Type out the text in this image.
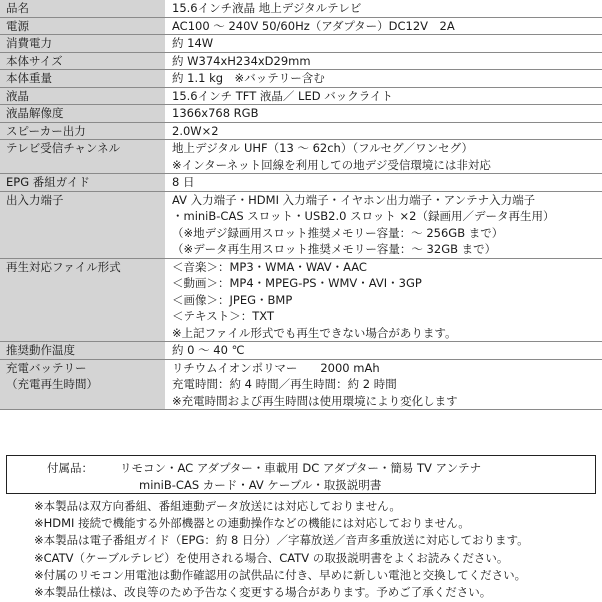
品名	15.6インチ液晶 地上デジタルテレビ
電源	AC100 ～ 240V 50/60Hz（アダプター）DC12V　2A
消費電力	約 14W
本体サイズ	約 W374xH234xD29mm
本体重量	約 1.1 kg　※バッテリー含む
液晶	15.6インチ TFT 液晶／ LED バックライト
液晶解像度	1366x768 RGB
スピーカー出力	2.0W×2
テレビ受信チャンネル	地上デジタル UHF（13 ～ 62ch）（フルセグ／ワンセグ）
※インターネット回線を利用しての地デジ受信環境には非対応
EPG 番組ガイド	8 日
出入力端子	AV 入力端子・HDMI 入力端子・イヤホン出力端子・アンテナ入力端子
・miniB-CAS スロット・USB2.0 スロット ×2（録画用／データ再生用）
（※地デジ録画用スロット推奨メモリー容量：～ 256GB まで）
（※データ再生用スロット推奨メモリー容量：～ 32GB まで）
再生対応ファイル形式	＜音楽＞：MP3・WMA・WAV・AAC
＜動画＞：MP4・MPEG-PS・WMV・AVI・3GP
＜画像＞：JPEG・BMP
＜テキスト＞：TXT
※上記ファイル形式でも再生できない場合があります。
推奨動作温度	約 0 ～ 40 ℃
充電バッテリー	リチウムイオンポリマー　　2000 mAh
（充電再生時間）	充電時間：約 4 時間／再生時間：約 2 時間
※充電時間および再生時間は使用環境により変化します
付属品： リモコン・AC アダプター・車載用 DC アダプター・簡易 TV アンテナ
miniB-CAS カード・AV ケーブル・取扱説明書
※本製品は双方向番組、番組連動データ放送には対応しておりません。
※HDMI 接続で機能する外部機器との連動操作などの機能には対応しておりません。
※本製品は電子番組ガイド（EPG：約 8 日分）／字幕放送／音声多重放送に対応しております。
※CATV（ケーブルテレビ）を使用される場合、CATV の取扱説明書をよくお読みください。
※付属のリモコン用電池は動作確認用の試供品に付き、早めに新しい電池と交換してください。
※本製品仕様は、改良等のため予告なく変更する場合があります。予めご了承ください。
